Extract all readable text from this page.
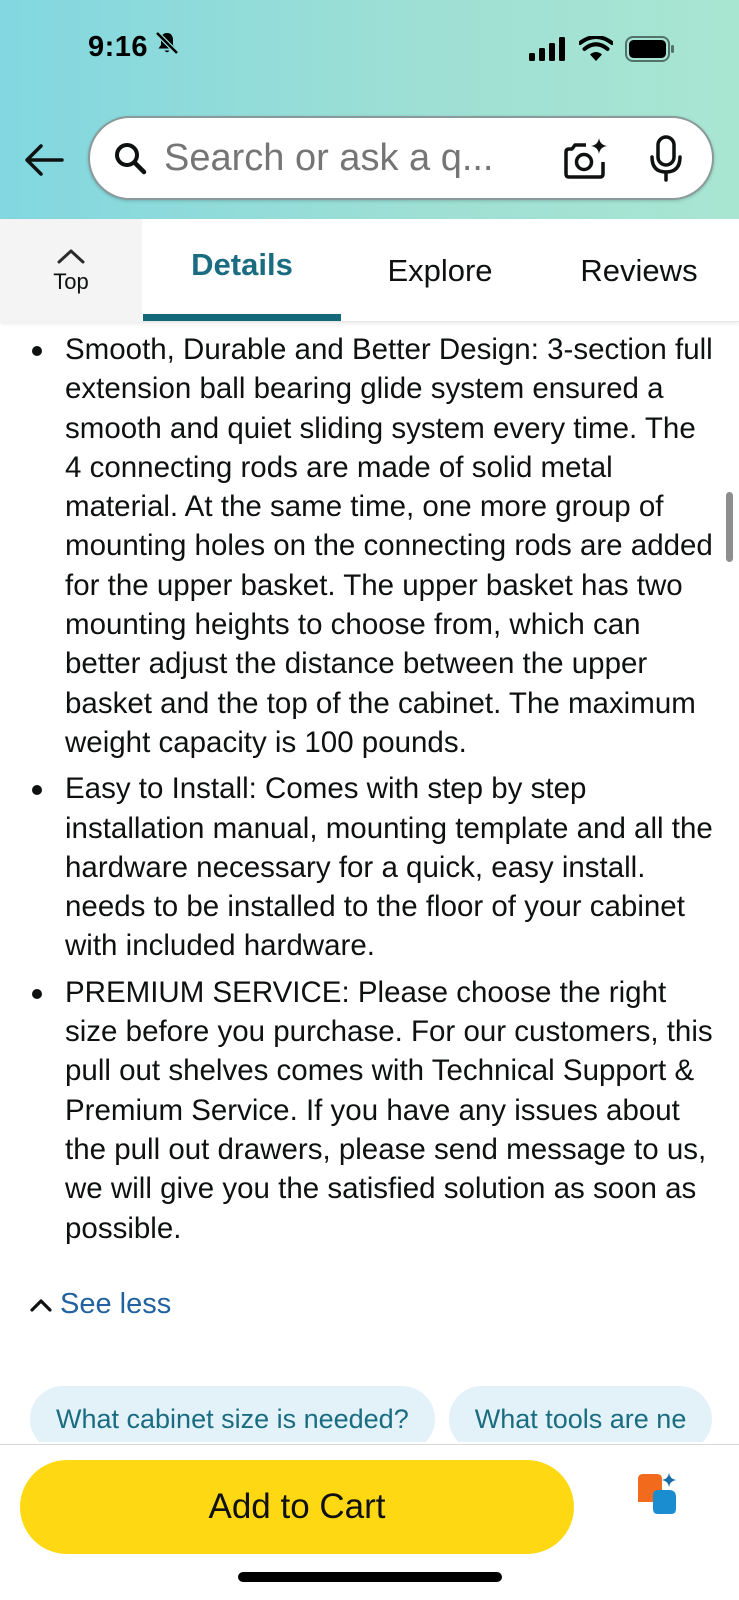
9:16
Search or ask a q...
Top	Details	Explore	Reviews
Smooth, Durable and Better Design: 3-section full extension ball bearing glide system ensured a smooth and quiet sliding system every time. The 4 connecting rods are made of solid metal material. At the same time, one more group of mounting holes on the connecting rods are added for the upper basket. The upper basket has two mounting heights to choose from, which can better adjust the distance between the upper basket and the top of the cabinet. The maximum weight capacity is 100 pounds.
Easy to Install: Comes with step by step installation manual, mounting template and all the hardware necessary for a quick, easy install. needs to be installed to the floor of your cabinet with included hardware.
PREMIUM SERVICE: Please choose the right size before you purchase. For our customers, this pull out shelves comes with Technical Support & Premium Service. If you have any issues about the pull out drawers, please send message to us, we will give you the satisfied solution as soon as possible.
See less
What cabinet size is needed?	What tools are ne
Add to Cart
